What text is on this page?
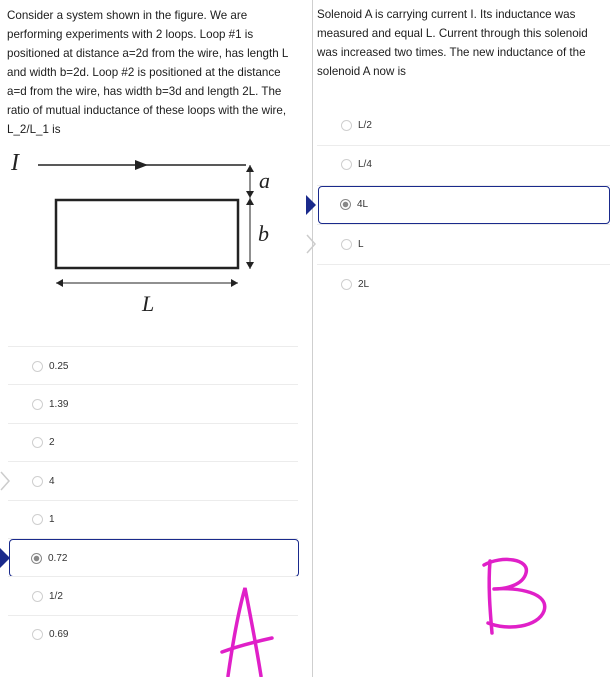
Consider a system shown in the figure. We are performing experiments with 2 loops. Loop #1 is positioned at distance a=2d from the wire, has length L and width b=2d. Loop #2 is positioned at the distance a=d from the wire, has width b=3d and length 2L. The ratio of mutual inductance of these loops with the wire, L_2/L_1 is
I
a
b
L
0.25
1.39
2
4
1
0.72
1/2
0.69
Solenoid A is carrying current I. Its inductance was measured and equal L. Current through this solenoid was increased two times. The new inductance of the solenoid A now is
L/2
L/4
4L
L
2L
